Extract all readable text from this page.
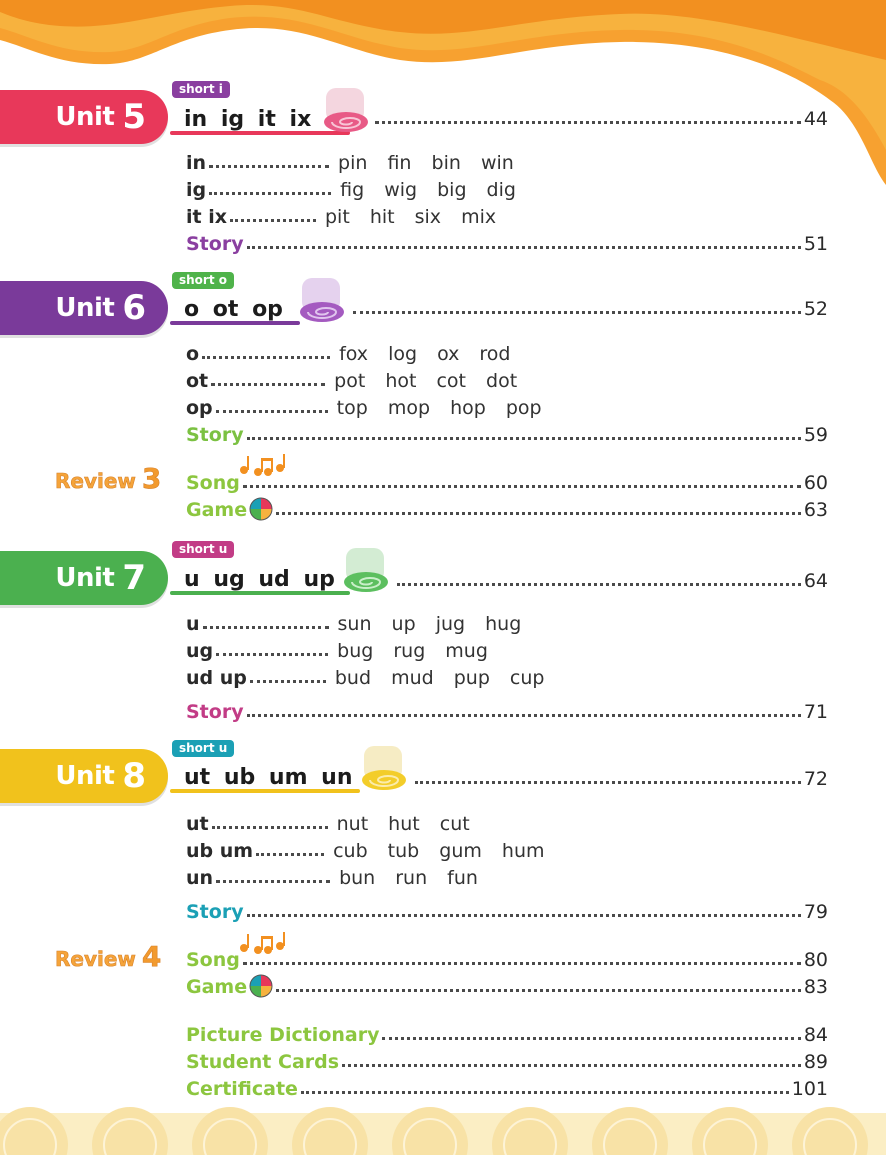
Unit 5
short i
in ig it ix	44
in	pin fin bin win
ig	fig wig big dig
it ix	pit hit six mix
Story	51
Unit 6
short o
o ot op	52
o	fox log ox rod
ot	pot hot cot dot
op	top mop hop pop
Story	59
Review 3 Song	60
Game	63
Unit 7
short u
u ug ud up	64
u	sun up jug hug
ug	bug rug mug
ud up	bud mud pup cup
Story	71
Unit 8
short u
ut ub um un	72
ut	nut hut cut
ub um	cub tub gum hum
un	bun run fun
Story	79
Review 4 Song	80
Game	83
Picture Dictionary	84
Student Cards	89
Certificate	101
